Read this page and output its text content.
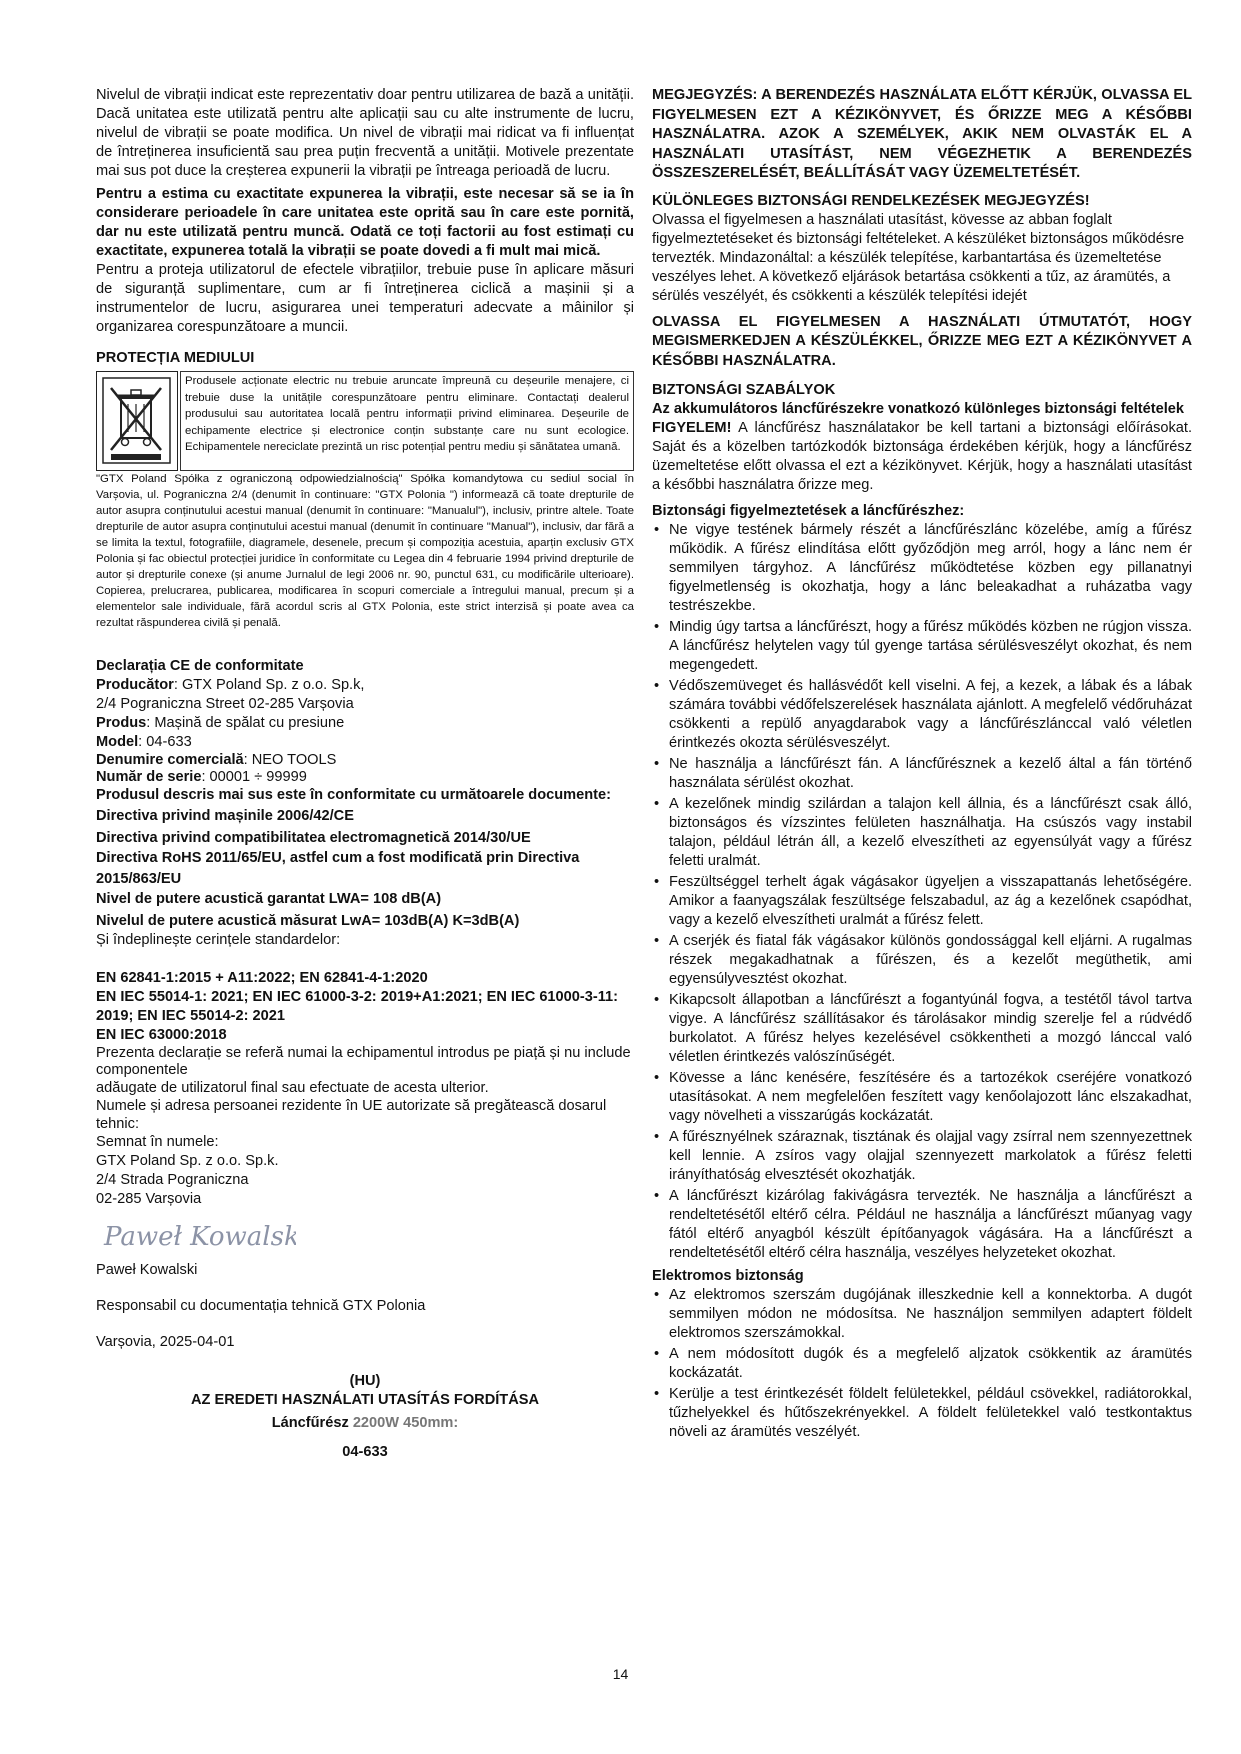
Nivelul de vibrații indicat este reprezentativ doar pentru utilizarea de bază a unității. Dacă unitatea este utilizată pentru alte aplicații sau cu alte instrumente de lucru, nivelul de vibrații se poate modifica. Un nivel de vibrații mai ridicat va fi influențat de întreținerea insuficientă sau prea puțin frecventă a unității. Motivele prezentate mai sus pot duce la creșterea expunerii la vibrații pe întreaga perioadă de lucru.

Pentru a estima cu exactitate expunerea la vibrații, este necesar să se ia în considerare perioadele în care unitatea este oprită sau în care este pornită, dar nu este utilizată pentru muncă. Odată ce toți factorii au fost estimați cu exactitate, expunerea totală la vibrații se poate dovedi a fi mult mai mică.

Pentru a proteja utilizatorul de efectele vibrațiilor, trebuie puse în aplicare măsuri de siguranță suplimentare, cum ar fi întreținerea ciclică a mașinii și a instrumentelor de lucru, asigurarea unei temperaturi adecvate a mâinilor și organizarea corespunzătoare a muncii.

PROTECȚIA MEDIULUI

Produsele acționate electric nu trebuie aruncate împreună cu deșeurile menajere, ci trebuie duse la unitățile corespunzătoare pentru eliminare. Contactați dealerul produsului sau autoritatea locală pentru informații privind eliminarea. Deșeurile de echipamente electrice și electronice conțin substanțe care nu sunt ecologice. Echipamentele nereciclate prezintă un risc potențial pentru mediu și sănătatea umană.

"GTX Poland Spółka z ograniczoną odpowiedzialnością" Spółka komandytowa cu sediul social în Varșovia, ul. Pograniczna 2/4 (denumit în continuare: "GTX Polonia ") informează că toate drepturile de autor asupra conținutului acestui manual (denumit în continuare: "Manualul"), inclusiv, printre altele. Toate drepturile de autor asupra conținutului acestui manual (denumit în continuare "Manual"), inclusiv, dar fără a se limita la textul, fotografiile, diagramele, desenele, precum și compoziția acestuia, aparțin exclusiv GTX Polonia și fac obiectul protecției juridice în conformitate cu Legea din 4 februarie 1994 privind drepturile de autor și drepturile conexe (și anume Jurnalul de legi 2006 nr. 90, punctul 631, cu modificările ulterioare). Copierea, prelucrarea, publicarea, modificarea în scopuri comerciale a întregului manual, precum și a elementelor sale individuale, fără acordul scris al GTX Polonia, este strict interzisă și poate avea ca rezultat răspunderea civilă și penală.

Declarația CE de conformitate

Producător: GTX Poland Sp. z o.o. Sp.k,

2/4 Pograniczna Street 02-285 Varșovia

Produs: Mașină de spălat cu presiune

Model: 04-633

Denumire comercială: NEO TOOLS

Număr de serie: 00001 ÷ 99999

Produsul descris mai sus este în conformitate cu următoarele documente:

Directiva privind mașinile 2006/42/CE

Directiva privind compatibilitatea electromagnetică 2014/30/UE

Directiva RoHS 2011/65/EU, astfel cum a fost modificată prin Directiva 2015/863/EU

Nivel de putere acustică garantat LWA= 108 dB(A)

Nivelul de putere acustică măsurat LwA= 103dB(A) K=3dB(A)

Și îndeplinește cerințele standardelor:

EN 62841-1:2015 + A11:2022; EN 62841-4-1:2020

EN IEC 55014-1: 2021; EN IEC 61000-3-2: 2019+A1:2021; EN IEC 61000-3-11: 2019; EN IEC 55014-2: 2021

EN IEC 63000:2018

Prezenta declarație se referă numai la echipamentul introdus pe piață și nu include componentele

adăugate de utilizatorul final sau efectuate de acesta ulterior.

Numele și adresa persoanei rezidente în UE autorizate să pregătească dosarul tehnic:

Semnat în numele:

GTX Poland Sp. z o.o. Sp.k.

2/4 Strada Pograniczna

02-285 Varșovia

Paweł Kowalski

Paweł Kowalski

Responsabil cu documentația tehnică GTX Polonia

Varșovia, 2025-04-01

(HU)

AZ EREDETI HASZNÁLATI UTASÍTÁS FORDÍTÁSA

Láncfűrész 2200W 450mm:

04-633

MEGJEGYZÉS: A BERENDEZÉS HASZNÁLATA ELŐTT KÉRJÜK, OLVASSA EL FIGYELMESEN EZT A KÉZIKÖNYVET, ÉS ŐRIZZE MEG A KÉSŐBBI HASZNÁLATRA. AZOK A SZEMÉLYEK, AKIK NEM OLVASTÁK EL A HASZNÁLATI UTASÍTÁST, NEM VÉGEZHETIK A BERENDEZÉS ÖSSZESZERELÉSÉT, BEÁLLÍTÁSÁT VAGY ÜZEMELTETÉSÉT.

KÜLÖNLEGES BIZTONSÁGI RENDELKEZÉSEK MEGJEGYZÉS!

Olvassa el figyelmesen a használati utasítást, kövesse az abban foglalt figyelmeztetéseket és biztonsági feltételeket. A készüléket biztonságos működésre tervezték. Mindazonáltal: a készülék telepítése, karbantartása és üzemeltetése veszélyes lehet. A következő eljárások betartása csökkenti a tűz, az áramütés, a sérülés veszélyét, és csökkenti a készülék telepítési idejét

OLVASSA EL FIGYELMESEN A HASZNÁLATI ÚTMUTATÓT, HOGY MEGISMERKEDJEN A KÉSZÜLÉKKEL, ŐRIZZE MEG EZT A KÉZIKÖNYVET A KÉSŐBBI HASZNÁLATRA.

BIZTONSÁGI SZABÁLYOK

Az akkumulátoros láncfűrészekre vonatkozó különleges biztonsági feltételek

FIGYELEM! A láncfűrész használatakor be kell tartani a biztonsági előírásokat. Saját és a közelben tartózkodók biztonsága érdekében kérjük, hogy a láncfűrész üzemeltetése előtt olvassa el ezt a kézikönyvet. Kérjük, hogy a használati utasítást a későbbi használatra őrizze meg.

Biztonsági figyelmeztetések a láncfűrészhez:

• Ne vigye testének bármely részét a láncfűrészlánc közelébe, amíg a fűrész működik. A fűrész elindítása előtt győződjön meg arról, hogy a lánc nem ér semmilyen tárgyhoz. A láncfűrész működtetése közben egy pillanatnyi figyelmetlenség is okozhatja, hogy a lánc beleakadhat a ruházatba vagy testrészekbe.
• Mindig úgy tartsa a láncfűrészt, hogy a fűrész működés közben ne rúgjon vissza. A láncfűrész helytelen vagy túl gyenge tartása sérülésveszélyt okozhat, és nem megengedett.
• Védőszemüveget és hallásvédőt kell viselni. A fej, a kezek, a lábak és a lábak számára további védőfelszerelések használata ajánlott. A megfelelő védőruházat csökkenti a repülő anyagdarabok vagy a láncfűrészlánccal való véletlen érintkezés okozta sérülésveszélyt.
• Ne használja a láncfűrészt fán. A láncfűrésznek a kezelő által a fán történő használata sérülést okozhat.
• A kezelőnek mindig szilárdan a talajon kell állnia, és a láncfűrészt csak álló, biztonságos és vízszintes felületen használhatja. Ha csúszós vagy instabil talajon, például létrán áll, a kezelő elveszítheti az egyensúlyát vagy a fűrész feletti uralmát.
• Feszültséggel terhelt ágak vágásakor ügyeljen a visszapattanás lehetőségére. Amikor a faanyagszálak feszültsége felszabadul, az ág a kezelőnek csapódhat, vagy a kezelő elveszítheti uralmát a fűrész felett.
• A cserjék és fiatal fák vágásakor különös gondossággal kell eljárni. A rugalmas részek megakadhatnak a fűrészen, és a kezelőt megüthetik, ami egyensúlyvesztést okozhat.
• Kikapcsolt állapotban a láncfűrészt a fogantyúnál fogva, a testétől távol tartva vigye. A láncfűrész szállításakor és tárolásakor mindig szerelje fel a rúdvédő burkolatot. A fűrész helyes kezelésével csökkentheti a mozgó lánccal való véletlen érintkezés valószínűségét.
• Kövesse a lánc kenésére, feszítésére és a tartozékok cseréjére vonatkozó utasításokat. A nem megfelelően feszített vagy kenőolajozott lánc elszakadhat, vagy növelheti a visszarúgás kockázatát.
• A fűrésznyélnek száraznak, tisztának és olajjal vagy zsírral nem szennyezettnek kell lennie. A zsíros vagy olajjal szennyezett markolatok a fűrész feletti irányíthatóság elvesztését okozhatják.
• A láncfűrészt kizárólag fakivágásra tervezték. Ne használja a láncfűrészt a rendeltetésétől eltérő célra. Például ne használja a láncfűrészt műanyag vagy fától eltérő anyagból készült építőanyagok vágására. Ha a láncfűrészt a rendeltetésétől eltérő célra használja, veszélyes helyzeteket okozhat.

Elektromos biztonság

• Az elektromos szerszám dugójának illeszkednie kell a konnektorba. A dugót semmilyen módon ne módosítsa. Ne használjon semmilyen adaptert földelt elektromos szerszámokkal.
• A nem módosított dugók és a megfelelő aljzatok csökkentik az áramütés kockázatát.
• Kerülje a test érintkezését földelt felületekkel, például csövekkel, radiátorokkal, tűzhelyekkel és hűtőszekrényekkel. A földelt felületekkel való testkontaktus növeli az áramütés veszélyét.
14
